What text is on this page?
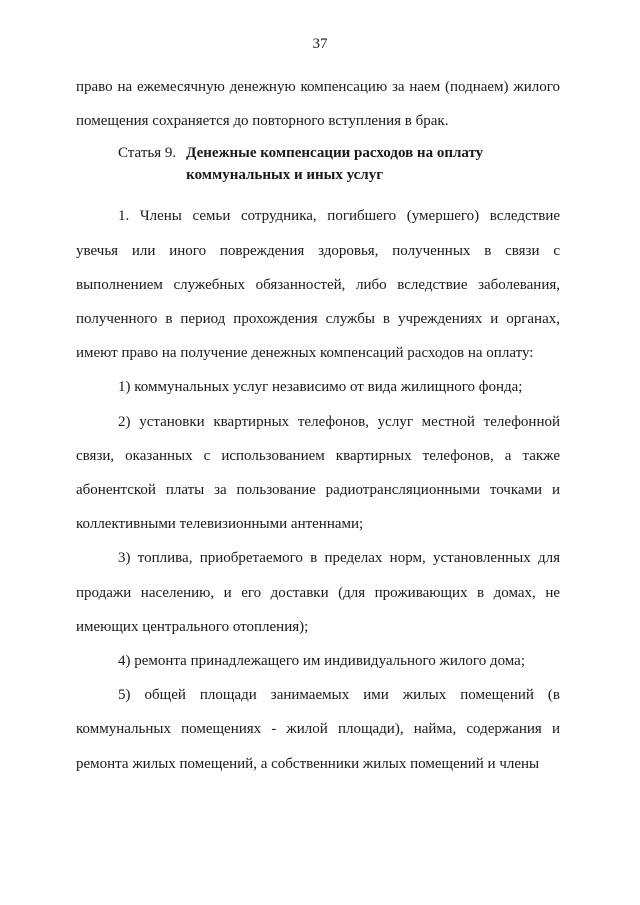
37

право на ежемесячную денежную компенсацию за наем (поднаем) жилого помещения сохраняется до повторного вступления в брак.

Статья 9. Денежные компенсации расходов на оплату
коммунальных и иных услуг

1. Члены семьи сотрудника, погибшего (умершего) вследствие увечья или иного повреждения здоровья, полученных в связи с выполнением служебных обязанностей, либо вследствие заболевания, полученного в период прохождения службы в учреждениях и органах, имеют право на получение денежных компенсаций расходов на оплату:

1) коммунальных услуг независимо от вида жилищного фонда;

2) установки квартирных телефонов, услуг местной телефонной связи, оказанных с использованием квартирных телефонов, а также абонентской платы за пользование радиотрансляционными точками и коллективными телевизионными антеннами;

3) топлива, приобретаемого в пределах норм, установленных для продажи населению, и его доставки (для проживающих в домах, не имеющих центрального отопления);

4) ремонта принадлежащего им индивидуального жилого дома;

5) общей площади занимаемых ими жилых помещений (в коммунальных помещениях - жилой площади), найма, содержания и ремонта жилых помещений, а собственники жилых помещений и члены
